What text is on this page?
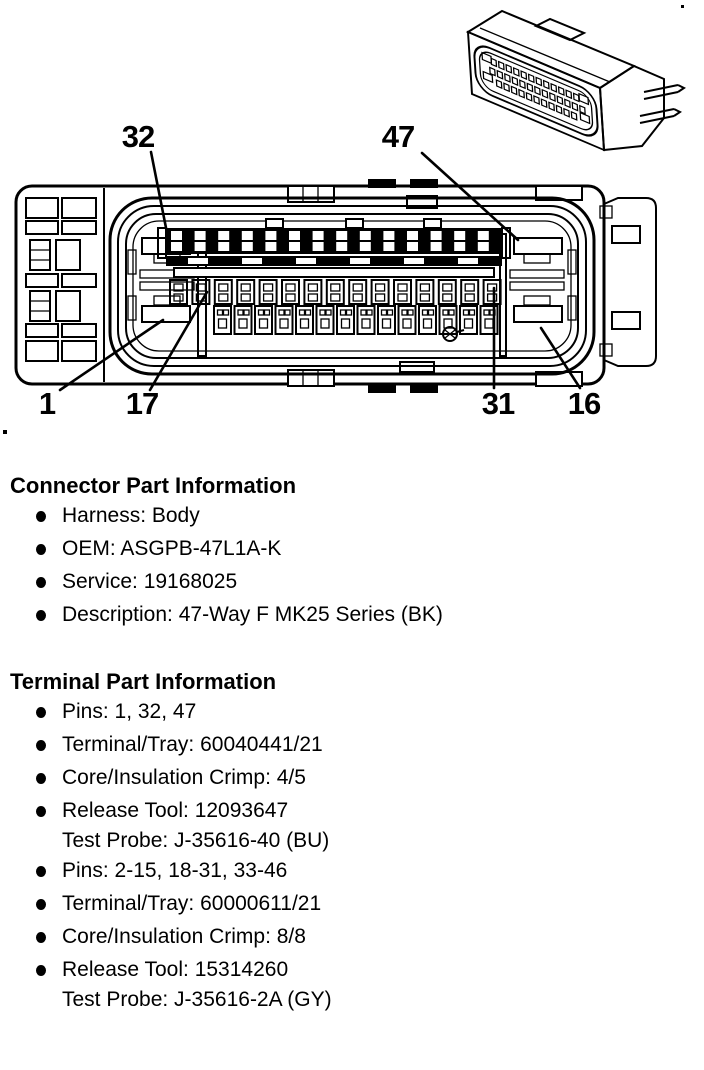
32	47
1	17	31	16
Connector Part Information
Harness: Body
OEM: ASGPB-47L1A-K
Service: 19168025
Description: 47-Way F MK25 Series (BK)
Terminal Part Information
Pins: 1, 32, 47
Terminal/Tray: 60040441/21
Core/Insulation Crimp: 4/5
Release Tool: 12093647
Test Probe: J-35616-40 (BU)
Pins: 2-15, 18-31, 33-46
Terminal/Tray: 60000611/21
Core/Insulation Crimp: 8/8
Release Tool: 15314260
Test Probe: J-35616-2A (GY)
